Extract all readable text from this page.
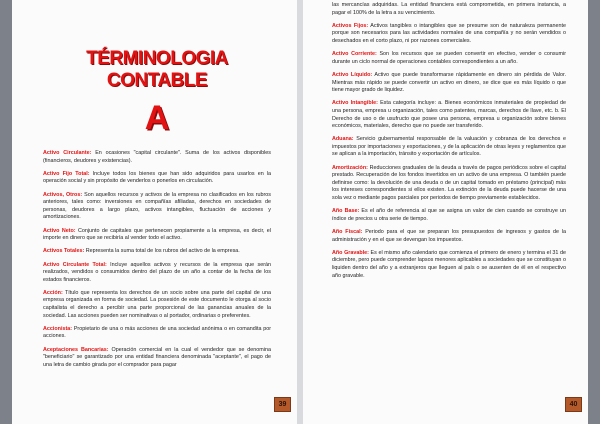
TÉRMINOLOGIA CONTABLE
A

Activo Circulante: En ocasiones "capital circulante". Suma de los activos disponibles (financieros, deudores y existencias).

Activo Fijo Total: Incluye todos los bienes que han sido adquiridos para usarlos en la operación social y sin propósito de venderlos o ponerlos en circulación.

Activos, Otros: Son aquellos recursos y activos de la empresa no clasificados en los rubros anteriores, tales como: inversiones en compañías afiliadas, derechos en sociedades de personas, deudores a largo plazo, activos intangibles, fluctuación de acciones y amortizaciones.

Activo Neto: Conjunto de capitales que pertenecen propiamente a la empresa, es decir, el importe en dinero que se recibiría al vender todo el activo.

Activos Totales: Representa la suma total de los rubros del activo de la empresa.

Activo Circulante Total: Incluye aquellos activos y recursos de la empresa que serán realizados, vendidos o consumidos dentro del plazo de un año a contar de la fecha de los estados financieros.

Acción: Título que representa los derechos de un socio sobre una parte del capital de una empresa organizada en forma de sociedad. La posesión de este documento le otorga al socio capitalista el derecho a percibir una parte proporcional de las ganancias anuales de la sociedad. Las acciones pueden ser nominativas o al portador, ordinarias o preferentes.

Accionista: Propietario de una o más acciones de una sociedad anónima o en comandita por acciones.

Aceptaciones Bancarias: Operación comercial en la cual el vendedor que se denomina "beneficiario" se garantizado por una entidad financiera denominada "aceptante", el pago de una letra de cambio girada por el comprador para pagar

39

las mercancías adquiridas. La entidad financiera está comprometida, en primera instancia, a pagar el 100% de la letra a su vencimiento.

Activos Fijos: Activos tangibles o intangibles que se presume son de naturaleza permanente porque son necesarios para las actividades normales de una compañía y no serán vendidos o desechados en el corto plazo, ni por razones comerciales.

Activo Corriente: Son los recursos que se pueden convertir en efectivo, vender o consumir durante un ciclo normal de operaciones contables correspondientes a un año.

Activo Líquido: Activo que puede transformarse rápidamente en dinero sin pérdida de Valor. Mientras más rápido se puede convertir un activo en dinero, se dice que es más líquido o que tiene mayor grado de liquidez.

Activo Intangible: Esta categoría incluye: a. Bienes económicos inmateriales de propiedad de una persona, empresa u organización, tales como patentes, marcas, derechos de llave, etc. b. El Derecho de uso o de usufructo que posee una persona, empresa u organización sobre bienes económicos, materiales, derecho que no puede ser transferido.

Aduana: Servicio gubernamental responsable de la valuación y cobranza de los derechos e impuestos por importaciones y exportaciones, y de la aplicación de otras leyes y reglamentos que se aplican a la importación, tránsito y exportación de artículos.

Amortización: Reducciones graduales de la deuda a través de pagos periódicos sobre el capital prestado. Recuperación de los fondos invertidos en un activo de una empresa. O también puede definirse como: la devolución de una deuda o de un capital tomado en préstamo (principal) más los intereses correspondientes si ellos existen. La extinción de la deuda puede hacerse de una sola vez o mediante pagos parciales por periodos de tiempo previamente establecidos.

Año Base: Es el año de referencia al que se asigna un valor de cien cuando se construye un índice de precios u otra serie de tiempo.

Año Fiscal: Periodo para el que se preparan los presupuestos de ingresos y gastos de la administración y en el que se devengan los impuestos.

Año Gravable: Es el mismo año calendario que comienza el primero de enero y termina el 31 de diciembre, pero puede comprender lapsos menores aplicables a sociedades que se constituyan o liquiden dentro del año y a extranjeros que lleguen al país o se ausenten de él en el respectivo año gravable.

40
